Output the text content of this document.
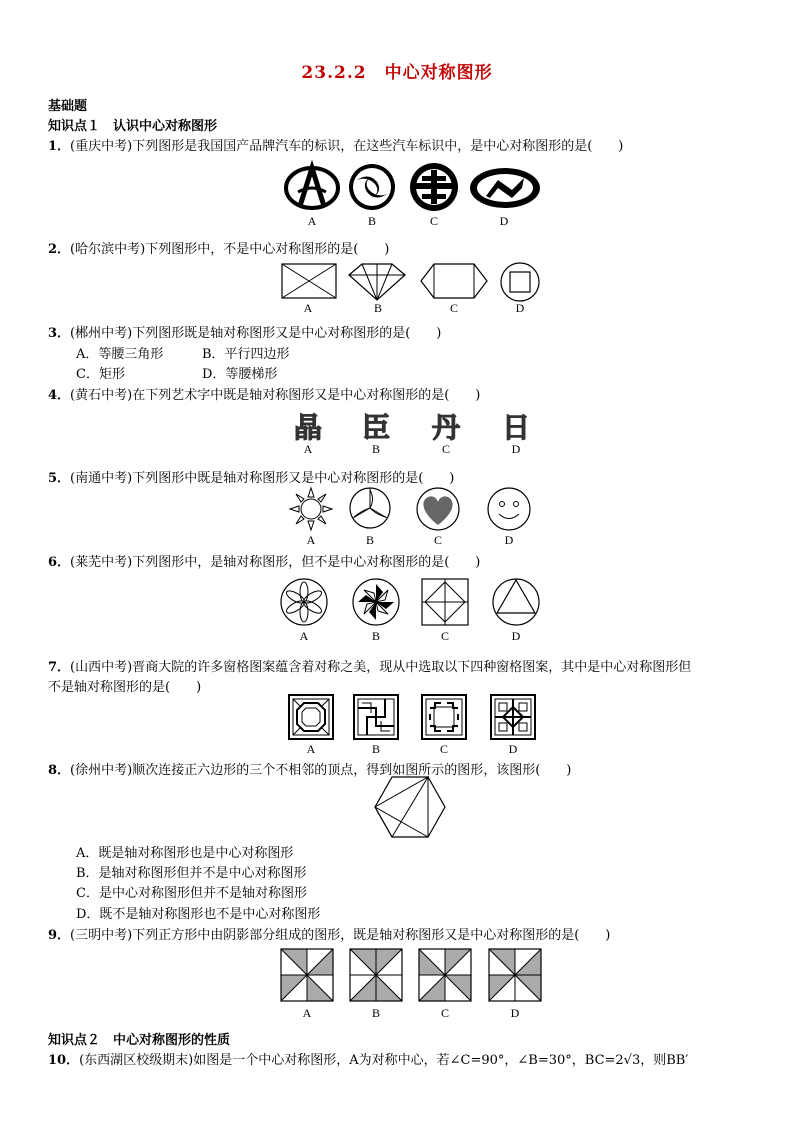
23.2.2　中心对称图形
基础题
知识点１　认识中心对称图形
1．(重庆中考)下列图形是我国国产品牌汽车的标识，在这些汽车标识中，是中心对称图形的是(　　)
A	B	C	D
2．(哈尔滨中考)下列图形中，不是中心对称图形的是(　　)
A	B	C	D
3．(郴州中考)下列图形既是轴对称图形又是中心对称图形的是(　　)
A．等腰三角形	B．平行四边形
C．矩形	D．等腰梯形
4．(黄石中考)在下列艺术字中既是轴对称图形又是中心对称图形的是(　　)
晶 臣 丹 日
A	B	C	D
5．(南通中考)下列图形中既是轴对称图形又是中心对称图形的是(　　)
A	B	C	D
6．(莱芜中考)下列图形中，是轴对称图形，但不是中心对称图形的是(　　)
A	B	C	D
7．(山西中考)晋商大院的许多窗格图案蕴含着对称之美，现从中选取以下四种窗格图案，其中是中心对称图形但
不是轴对称图形的是(　　)
A	B	C	D
8．(徐州中考)顺次连接正六边形的三个不相邻的顶点，得到如图所示的图形，该图形(　　)
A．既是轴对称图形也是中心对称图形
B．是轴对称图形但并不是中心对称图形
C．是中心对称图形但并不是轴对称图形
D．既不是轴对称图形也不是中心对称图形
9．(三明中考)下列正方形中由阴影部分组成的图形，既是轴对称图形又是中心对称图形的是(　　)
A	B	C	D
知识点２　中心对称图形的性质
10．(东西湖区校级期末)如图是一个中心对称图形，A为对称中心，若∠C=90°，∠B=30°，BC=2√3，则BB′
